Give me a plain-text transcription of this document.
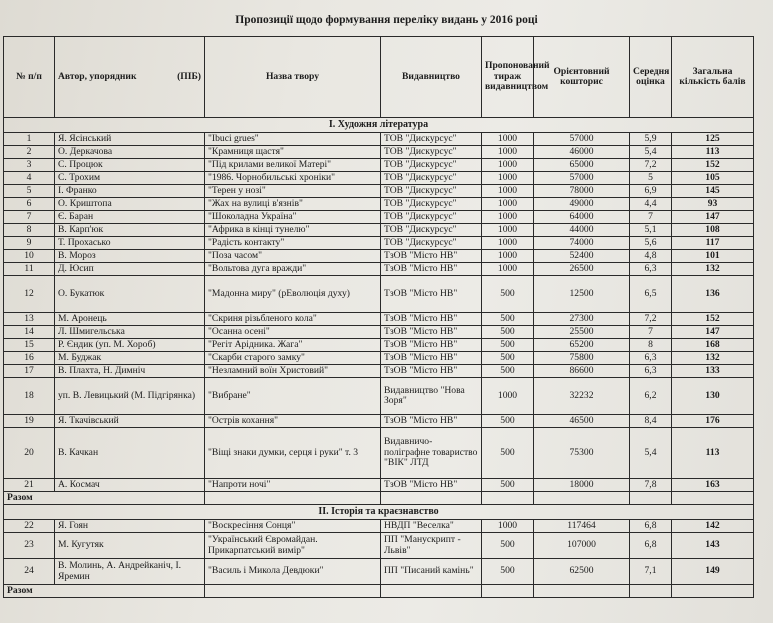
Пропозиції щодо формування переліку видань у 2016 році
№ п/п	Автор, упорядник (ПІБ)	Назва твору	Видавництво	Пропонований тираж видавництвом	Орієнтовний кошторис	Середня оцінка	Загальна кількість балів
І. Художня література							
1	Я. Ясінський	"Ibuci grues"	ТОВ "Дискурсус"	1000	57000	5,9	125
2	О. Деркачова	"Крамниця щастя"	ТОВ "Дискурсус"	1000	46000	5,4	113
3	С. Процюк	"Під крилами великої Матері"	ТОВ "Дискурсус"	1000	65000	7,2	152
4	С. Трохим	"1986. Чорнобильські хроніки"	ТОВ "Дискурсус"	1000	57000	5	105
5	І. Франко	"Терен у нозі"	ТОВ "Дискурсус"	1000	78000	6,9	145
6	О. Криштопа	"Жах на вулиці в'язнів"	ТОВ "Дискурсус"	1000	49000	4,4	93
7	Є. Баран	"Шоколадна Україна"	ТОВ "Дискурсус"	1000	64000	7	147
8	В. Карп'юк	"Африка в кінці тунелю"	ТОВ "Дискурсус"	1000	44000	5,1	108
9	Т. Прохасько	"Радість контакту"	ТОВ "Дискурсус"	1000	74000	5,6	117
10	В. Мороз	"Поза часом"	ТзОВ "Місто НВ"	1000	52400	4,8	101
11	Д. Юсип	"Вольтова дуга вражди"	ТзОВ "Місто НВ"	1000	26500	6,3	132
12	О. Букатюк	"Мадонна миру" (рЕволюція духу)	ТзОВ "Місто НВ"	500	12500	6,5	136
13	М. Аронець	"Скриня різьбленого кола"	ТзОВ "Місто НВ"	500	27300	7,2	152
14	Л. Шмигельська	"Осанна осені"	ТзОВ "Місто НВ"	500	25500	7	147
15	Р. Єндик (уп. М. Хороб)	"Регіт Арідника. Жага"	ТзОВ "Місто НВ"	500	65200	8	168
16	М. Буджак	"Скарби старого замку"	ТзОВ "Місто НВ"	500	75800	6,3	132
17	В. Плахта, Н. Димніч	"Незламний воїн Христовий"	ТзОВ "Місто НВ"	500	86600	6,3	133
18	уп. В. Левицький (М. Підгірянка)	"Вибране"	Видавництво "Нова Зоря"	1000	32232	6,2	130
19	Я. Ткачівський	"Острів кохання"	ТзОВ "Місто НВ"	500	46500	8,4	176
20	В. Качкан	"Віщі знаки думки, серця і руки" т. 3	Видавничо-поліграфне товариство "ВІК" ЛТД	500	75300	5,4	113
21	А. Космач	"Напроти ночі"	ТзОВ "Місто НВ"	500	18000	7,8	163
Разом							
ІІ. Історія та краєзнавство							
22	Я. Гоян	"Воскресіння Сонця"	НВДП "Веселка"	1000	117464	6,8	142
23	М. Кугутяк	"Український Євромайдан. Прикарпатський вимір"	ПП "Манускрипт - Львів"	500	107000	6,8	143
24	В. Молинь, А. Андрейканіч, І. Яремин	"Василь і Микола Девдюки"	ПП "Писаний камінь"	500	62500	7,1	149
Разом							
